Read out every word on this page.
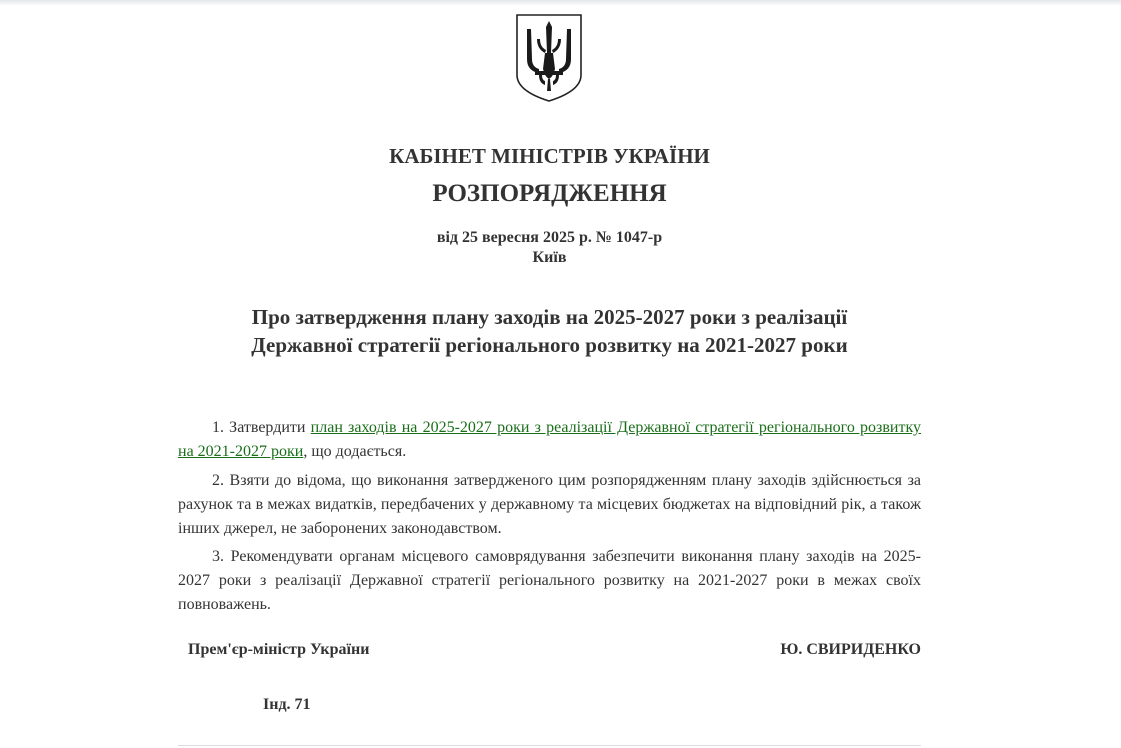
КАБІНЕТ МІНІСТРІВ УКРАЇНИ
РОЗПОРЯДЖЕННЯ
від 25 вересня 2025 р. № 1047-р
Київ
Про затвердження плану заходів на 2025-2027 роки з реалізації Державної стратегії регіонального розвитку на 2021-2027 роки

1. Затвердити план заходів на 2025-2027 роки з реалізації Державної стратегії регіонального розвитку на 2021-2027 роки, що додається.

2. Взяти до відома, що виконання затвердженого цим розпорядженням плану заходів здійснюється за рахунок та в межах видатків, передбачених у державному та місцевих бюджетах на відповідний рік, а також інших джерел, не заборонених законодавством.

3. Рекомендувати органам місцевого самоврядування забезпечити виконання плану заходів на 2025-2027 роки з реалізації Державної стратегії регіонального розвитку на 2021-2027 роки в межах своїх повноважень.

Прем'єр-міністр України	Ю. СВИРИДЕНКО
Інд. 71
